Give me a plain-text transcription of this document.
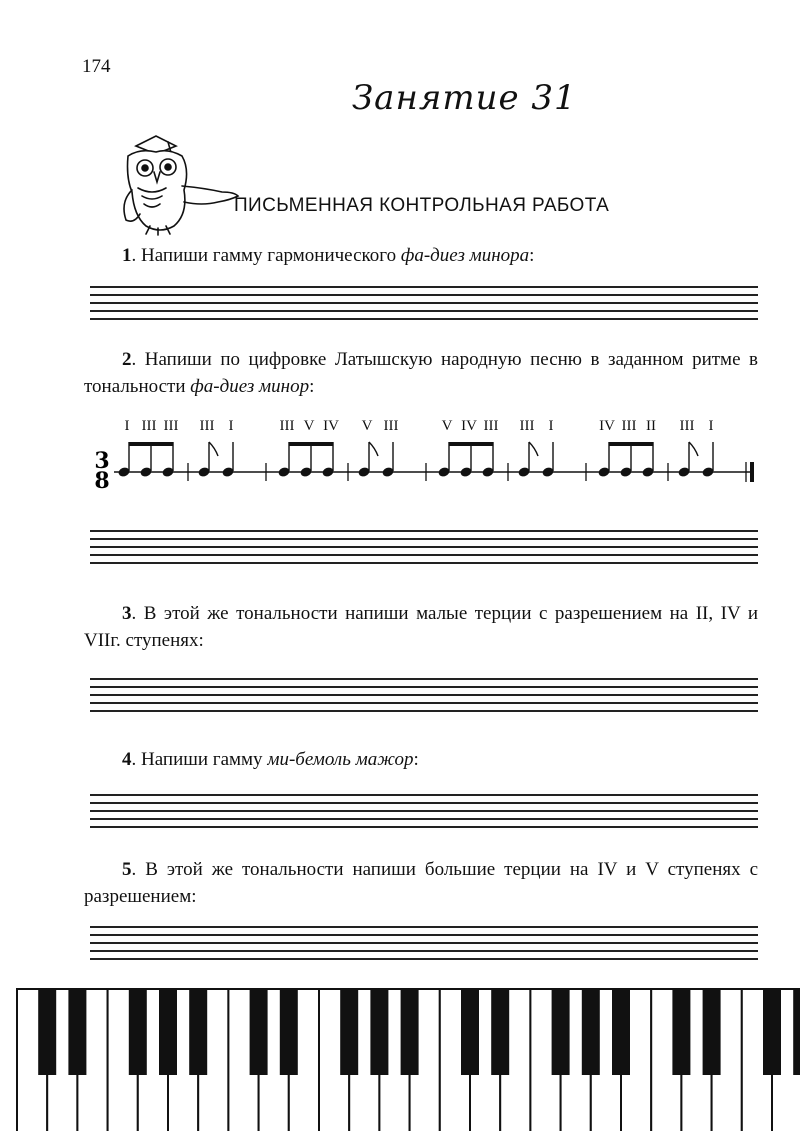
174
Занятие 31
ПИСЬМЕННАЯ КОНТРОЛЬНАЯ РАБОТА
1. Напиши гамму гармонического фа-диез минора:
2. Напиши по цифровке Латышскую народную песню в заданном ритме в тональности фа-диез минор:
3
8
I III III III I	III V IV V III	V IV III III I	IV III II III I
3. В этой же тональности напиши малые терции с разрешением на II, IV и VIIг. ступенях:
4. Напиши гамму ми-бемоль мажор:
5. В этой же тональности напиши большие терции на IV и V ступенях с разрешением:
